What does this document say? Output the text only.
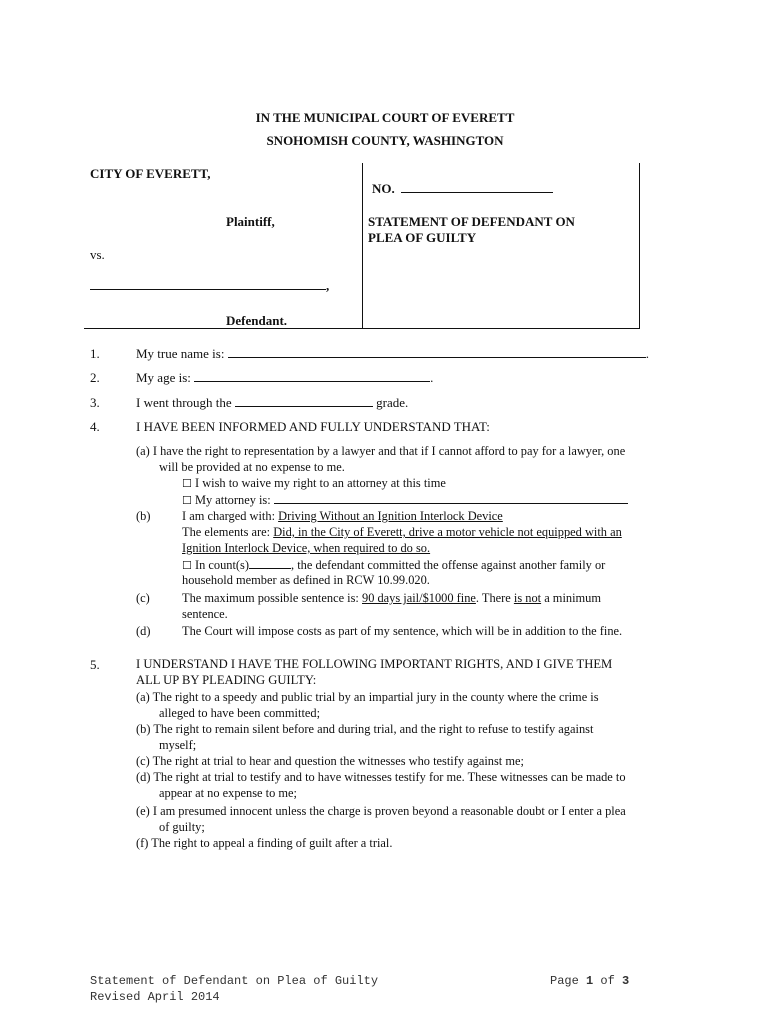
IN THE MUNICIPAL COURT OF EVERETT
SNOHOMISH COUNTY, WASHINGTON
CITY OF EVERETT,
Plaintiff,
vs.
,
Defendant.
NO.
STATEMENT OF DEFENDANT ON
PLEA OF GUILTY
1.	My true name is:	.
2.	My age is:	.
3.	I went through the	grade.
4.	I HAVE BEEN INFORMED AND FULLY UNDERSTAND THAT:
(a) I have the right to representation by a lawyer and that if I cannot afford to pay for a lawyer, one
will be provided at no expense to me.
☐ I wish to waive my right to an attorney at this time
☐ My attorney is:
(b)	I am charged with: Driving Without an Ignition Interlock Device
The elements are: Did, in the City of Everett, drive a motor vehicle not equipped with an
Ignition Interlock Device, when required to do so.
☐ In count(s)	, the defendant committed the offense against another family or
household member as defined in RCW 10.99.020.
(c)	The maximum possible sentence is: 90 days jail/$1000 fine. There is not a minimum
sentence.
(d)	The Court will impose costs as part of my sentence, which will be in addition to the fine.
5.	I UNDERSTAND I HAVE THE FOLLOWING IMPORTANT RIGHTS, AND I GIVE THEM
ALL UP BY PLEADING GUILTY:
(a) The right to a speedy and public trial by an impartial jury in the county where the crime is
alleged to have been committed;
(b) The right to remain silent before and during trial, and the right to refuse to testify against
myself;
(c) The right at trial to hear and question the witnesses who testify against me;
(d) The right at trial to testify and to have witnesses testify for me. These witnesses can be made to
appear at no expense to me;
(e) I am presumed innocent unless the charge is proven beyond a reasonable doubt or I enter a plea
of guilty;
(f) The right to appeal a finding of guilt after a trial.
Statement of Defendant on Plea of Guilty
Revised April 2014
Page 1 of 3
